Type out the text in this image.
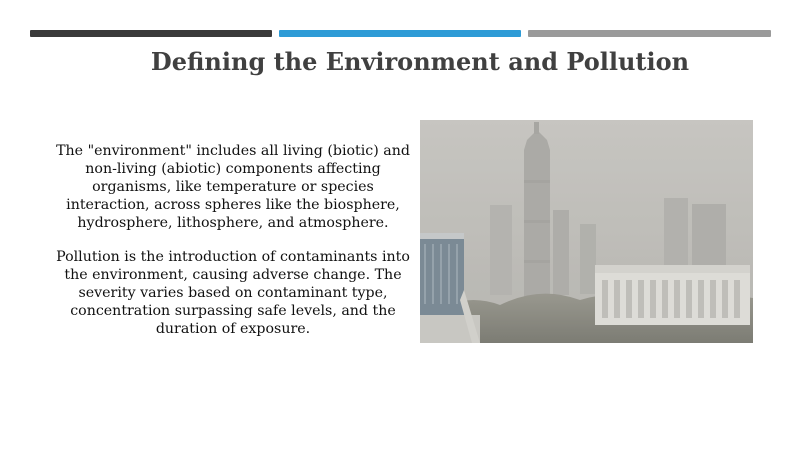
Defining the Environment and Pollution

The "environment" includes all living (biotic) and non-living (abiotic) components affecting organisms, like temperature or species interaction, across spheres like the biosphere, hydrosphere, lithosphere, and atmosphere.

Pollution is the introduction of contaminants into the environment, causing adverse change. The severity varies based on contaminant type, concentration surpassing safe levels, and the duration of exposure.
